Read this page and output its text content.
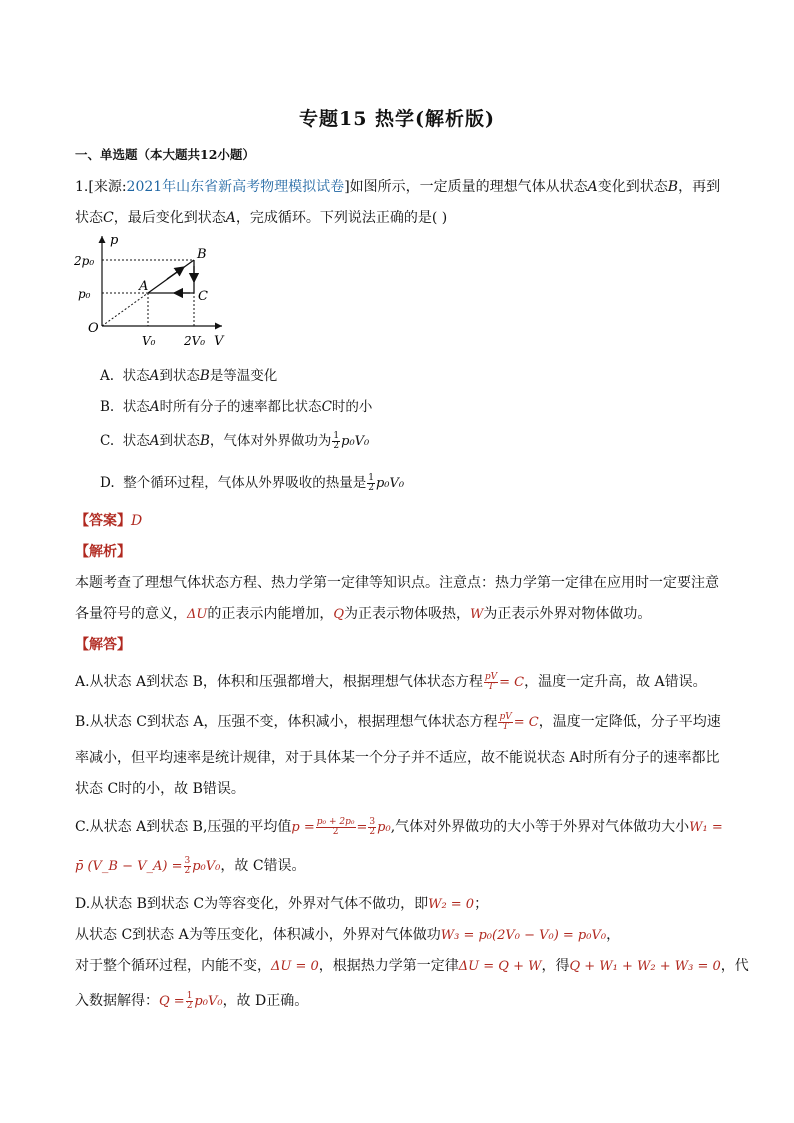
专题15 热学(解析版)
一、单选题（本大题共12小题）
1.[来源:2021年山东省新高考物理模拟试卷]如图所示，一定质量的理想气体从状态A变化到状态B，再到
状态C，最后变化到状态A，完成循环。下列说法正确的是( )
p
V
O
2p₀
p₀
V₀ 2V₀
A
B
C
A. 状态A到状态B是等温变化
B. 状态A时所有分子的速率都比状态C时的小
C. 状态A到状态B，气体对外界做功为 $\frac{1}{2} p_0V_0$
D. 整个循环过程，气体从外界吸收的热量是 $\frac{1}{2} p_0V_0$
【答案】D
【解析】
本题考查了理想气体状态方程、热力学第一定律等知识点。注意点：热力学第一定律在应用时一定要注意
各量符号的意义，ΔU的正表示内能增加，Q为正表示物体吸热，W为正表示外界对物体做功。
【解答】
A.从状态 A到状态 B，体积和压强都增大，根据理想气体状态方程 $\frac{pV}{T} = C$，温度一定升高，故 A错误。
B.从状态 C到状态 A，压强不变，体积减小，根据理想气体状态方程 $\frac{pV}{T} = C$，温度一定降低，分子平均速
率减小，但平均速率是统计规律，对于具体某一个分子并不适应，故不能说状态 A时所有分子的速率都比
状态 C时的小，故 B错误。
C.从状态 A到状态 B,压强的平均值$p = \frac{\text{p₀ + 2p₀}}{2} = \frac{3}{2} p_0$,气体对外界做功的大小等于外界对气体做功大小W₁ =
p̄ (V_B − V_A) = $\frac{3}{2} p_0V_0$，故 C错误。
D.从状态 B到状态 C为等容变化，外界对气体不做功，即W₂ = 0；
从状态 C到状态 A为等压变化，体积减小，外界对气体做功W₃ = p₀(2V₀ − V₀) = p₀V₀，
对于整个循环过程，内能不变，ΔU = 0，根据热力学第一定律ΔU = Q + W，得Q + W₁ + W₂ + W₃ = 0，代
入数据解得：$Q = \frac{1}{2} p_0V_0$，故 D正确。
